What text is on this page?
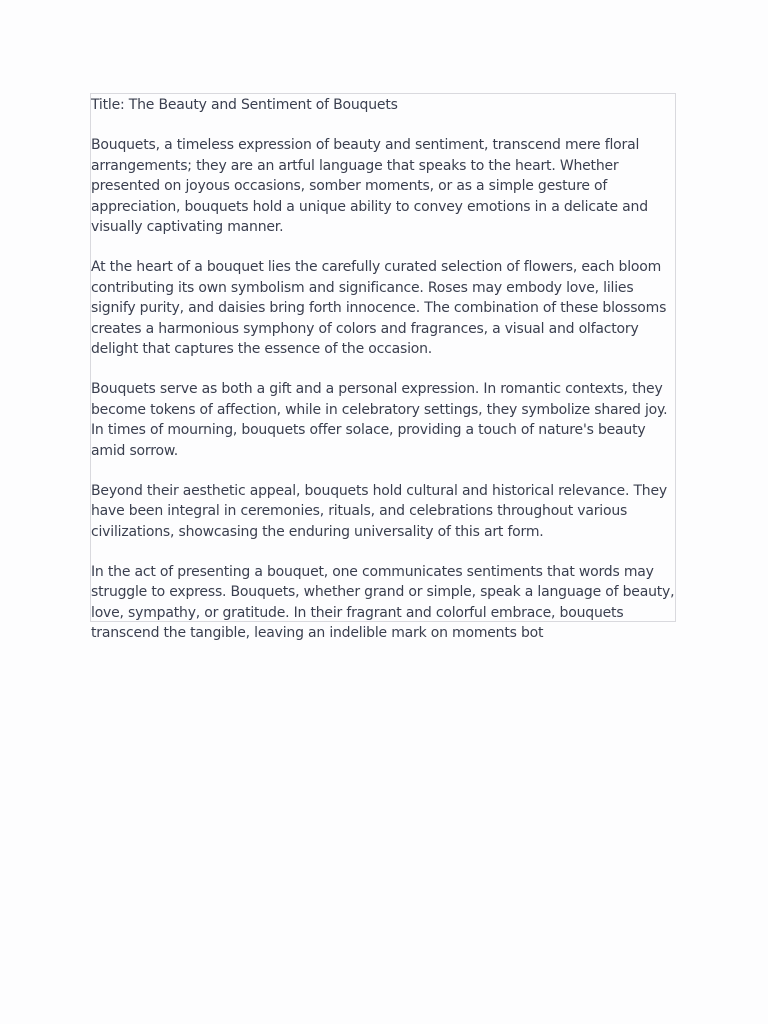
Title: The Beauty and Sentiment of Bouquets

Bouquets, a timeless expression of beauty and sentiment, transcend mere floral arrangements; they are an artful language that speaks to the heart. Whether presented on joyous occasions, somber moments, or as a simple gesture of appreciation, bouquets hold a unique ability to convey emotions in a delicate and visually captivating manner.

At the heart of a bouquet lies the carefully curated selection of flowers, each bloom contributing its own symbolism and significance. Roses may embody love, lilies signify purity, and daisies bring forth innocence. The combination of these blossoms creates a harmonious symphony of colors and fragrances, a visual and olfactory delight that captures the essence of the occasion.

Bouquets serve as both a gift and a personal expression. In romantic contexts, they become tokens of affection, while in celebratory settings, they symbolize shared joy. In times of mourning, bouquets offer solace, providing a touch of nature's beauty amid sorrow.

Beyond their aesthetic appeal, bouquets hold cultural and historical relevance. They have been integral in ceremonies, rituals, and celebrations throughout various civilizations, showcasing the enduring universality of this art form.

In the act of presenting a bouquet, one communicates sentiments that words may struggle to express. Bouquets, whether grand or simple, speak a language of beauty, love, sympathy, or gratitude. In their fragrant and colorful embrace, bouquets transcend the tangible, leaving an indelible mark on moments bot
